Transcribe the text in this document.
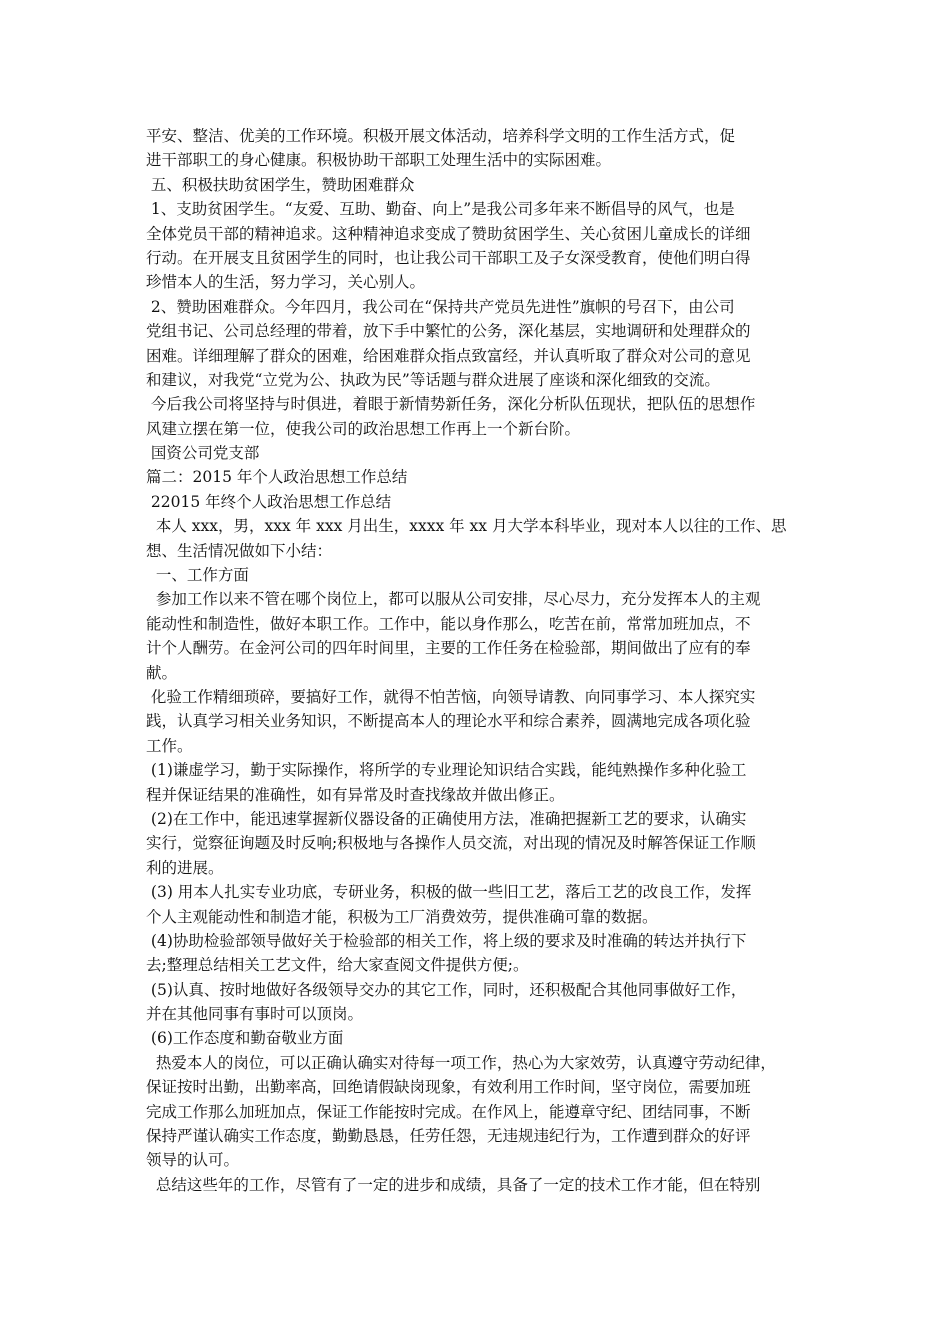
平安、整洁、优美的工作环境。积极开展文体活动，培养科学文明的工作生活方式，促
进干部职工的身心健康。积极协助干部职工处理生活中的实际困难。
五、积极扶助贫困学生，赞助困难群众
1、支助贫困学生。“友爱、互助、勤奋、向上”是我公司多年来不断倡导的风气，也是
全体党员干部的精神追求。这种精神追求变成了赞助贫困学生、关心贫困儿童成长的详细
行动。在开展支且贫困学生的同时，也让我公司干部职工及子女深受教育，使他们明白得
珍惜本人的生活，努力学习，关心别人。
2、赞助困难群众。今年四月，我公司在“保持共产党员先进性”旗帜的号召下，由公司
党组书记、公司总经理的带着，放下手中繁忙的公务，深化基层，实地调研和处理群众的
困难。详细理解了群众的困难，给困难群众指点致富经，并认真听取了群众对公司的意见
和建议，对我党“立党为公、执政为民”等话题与群众进展了座谈和深化细致的交流。
今后我公司将坚持与时俱进，着眼于新情势新任务，深化分析队伍现状，把队伍的思想作
风建立摆在第一位，使我公司的政治思想工作再上一个新台阶。
国资公司党支部
篇二：2015 年个人政治思想工作总结
22015 年终个人政治思想工作总结
本人 xxx，男，xxx 年 xxx 月出生，xxxx 年 xx 月大学本科毕业，现对本人以往的工作、思
想、生活情况做如下小结：
一、工作方面
参加工作以来不管在哪个岗位上，都可以服从公司安排，尽心尽力，充分发挥本人的主观
能动性和制造性，做好本职工作。工作中，能以身作那么，吃苦在前，常常加班加点，不
计个人酬劳。在金河公司的四年时间里，主要的工作任务在检验部，期间做出了应有的奉
献。
化验工作精细琐碎，要搞好工作，就得不怕苦恼，向领导请教、向同事学习、本人探究实
践，认真学习相关业务知识，不断提高本人的理论水平和综合素养，圆满地完成各项化验
工作。
(1)谦虚学习，勤于实际操作，将所学的专业理论知识结合实践，能纯熟操作多种化验工
程并保证结果的准确性，如有异常及时查找缘故并做出修正。
(2)在工作中，能迅速掌握新仪器设备的正确使用方法，准确把握新工艺的要求，认确实
实行，觉察征询题及时反响;积极地与各操作人员交流，对出现的情况及时解答保证工作顺
利的进展。
(3) 用本人扎实专业功底，专研业务，积极的做一些旧工艺，落后工艺的改良工作，发挥
个人主观能动性和制造才能，积极为工厂消费效劳，提供准确可靠的数据。
(4)协助检验部领导做好关于检验部的相关工作，将上级的要求及时准确的转达并执行下
去;整理总结相关工艺文件，给大家查阅文件提供方便;。
(5)认真、按时地做好各级领导交办的其它工作，同时，还积极配合其他同事做好工作，
并在其他同事有事时可以顶岗。
(6)工作态度和勤奋敬业方面
热爱本人的岗位，可以正确认确实对待每一项工作，热心为大家效劳，认真遵守劳动纪律，
保证按时出勤，出勤率高，回绝请假缺岗现象，有效利用工作时间，坚守岗位，需要加班
完成工作那么加班加点，保证工作能按时完成。在作风上，能遵章守纪、团结同事，不断
保持严谨认确实工作态度，勤勤恳恳，任劳任怨，无违规违纪行为，工作遭到群众的好评
领导的认可。
总结这些年的工作，尽管有了一定的进步和成绩，具备了一定的技术工作才能，但在特别
